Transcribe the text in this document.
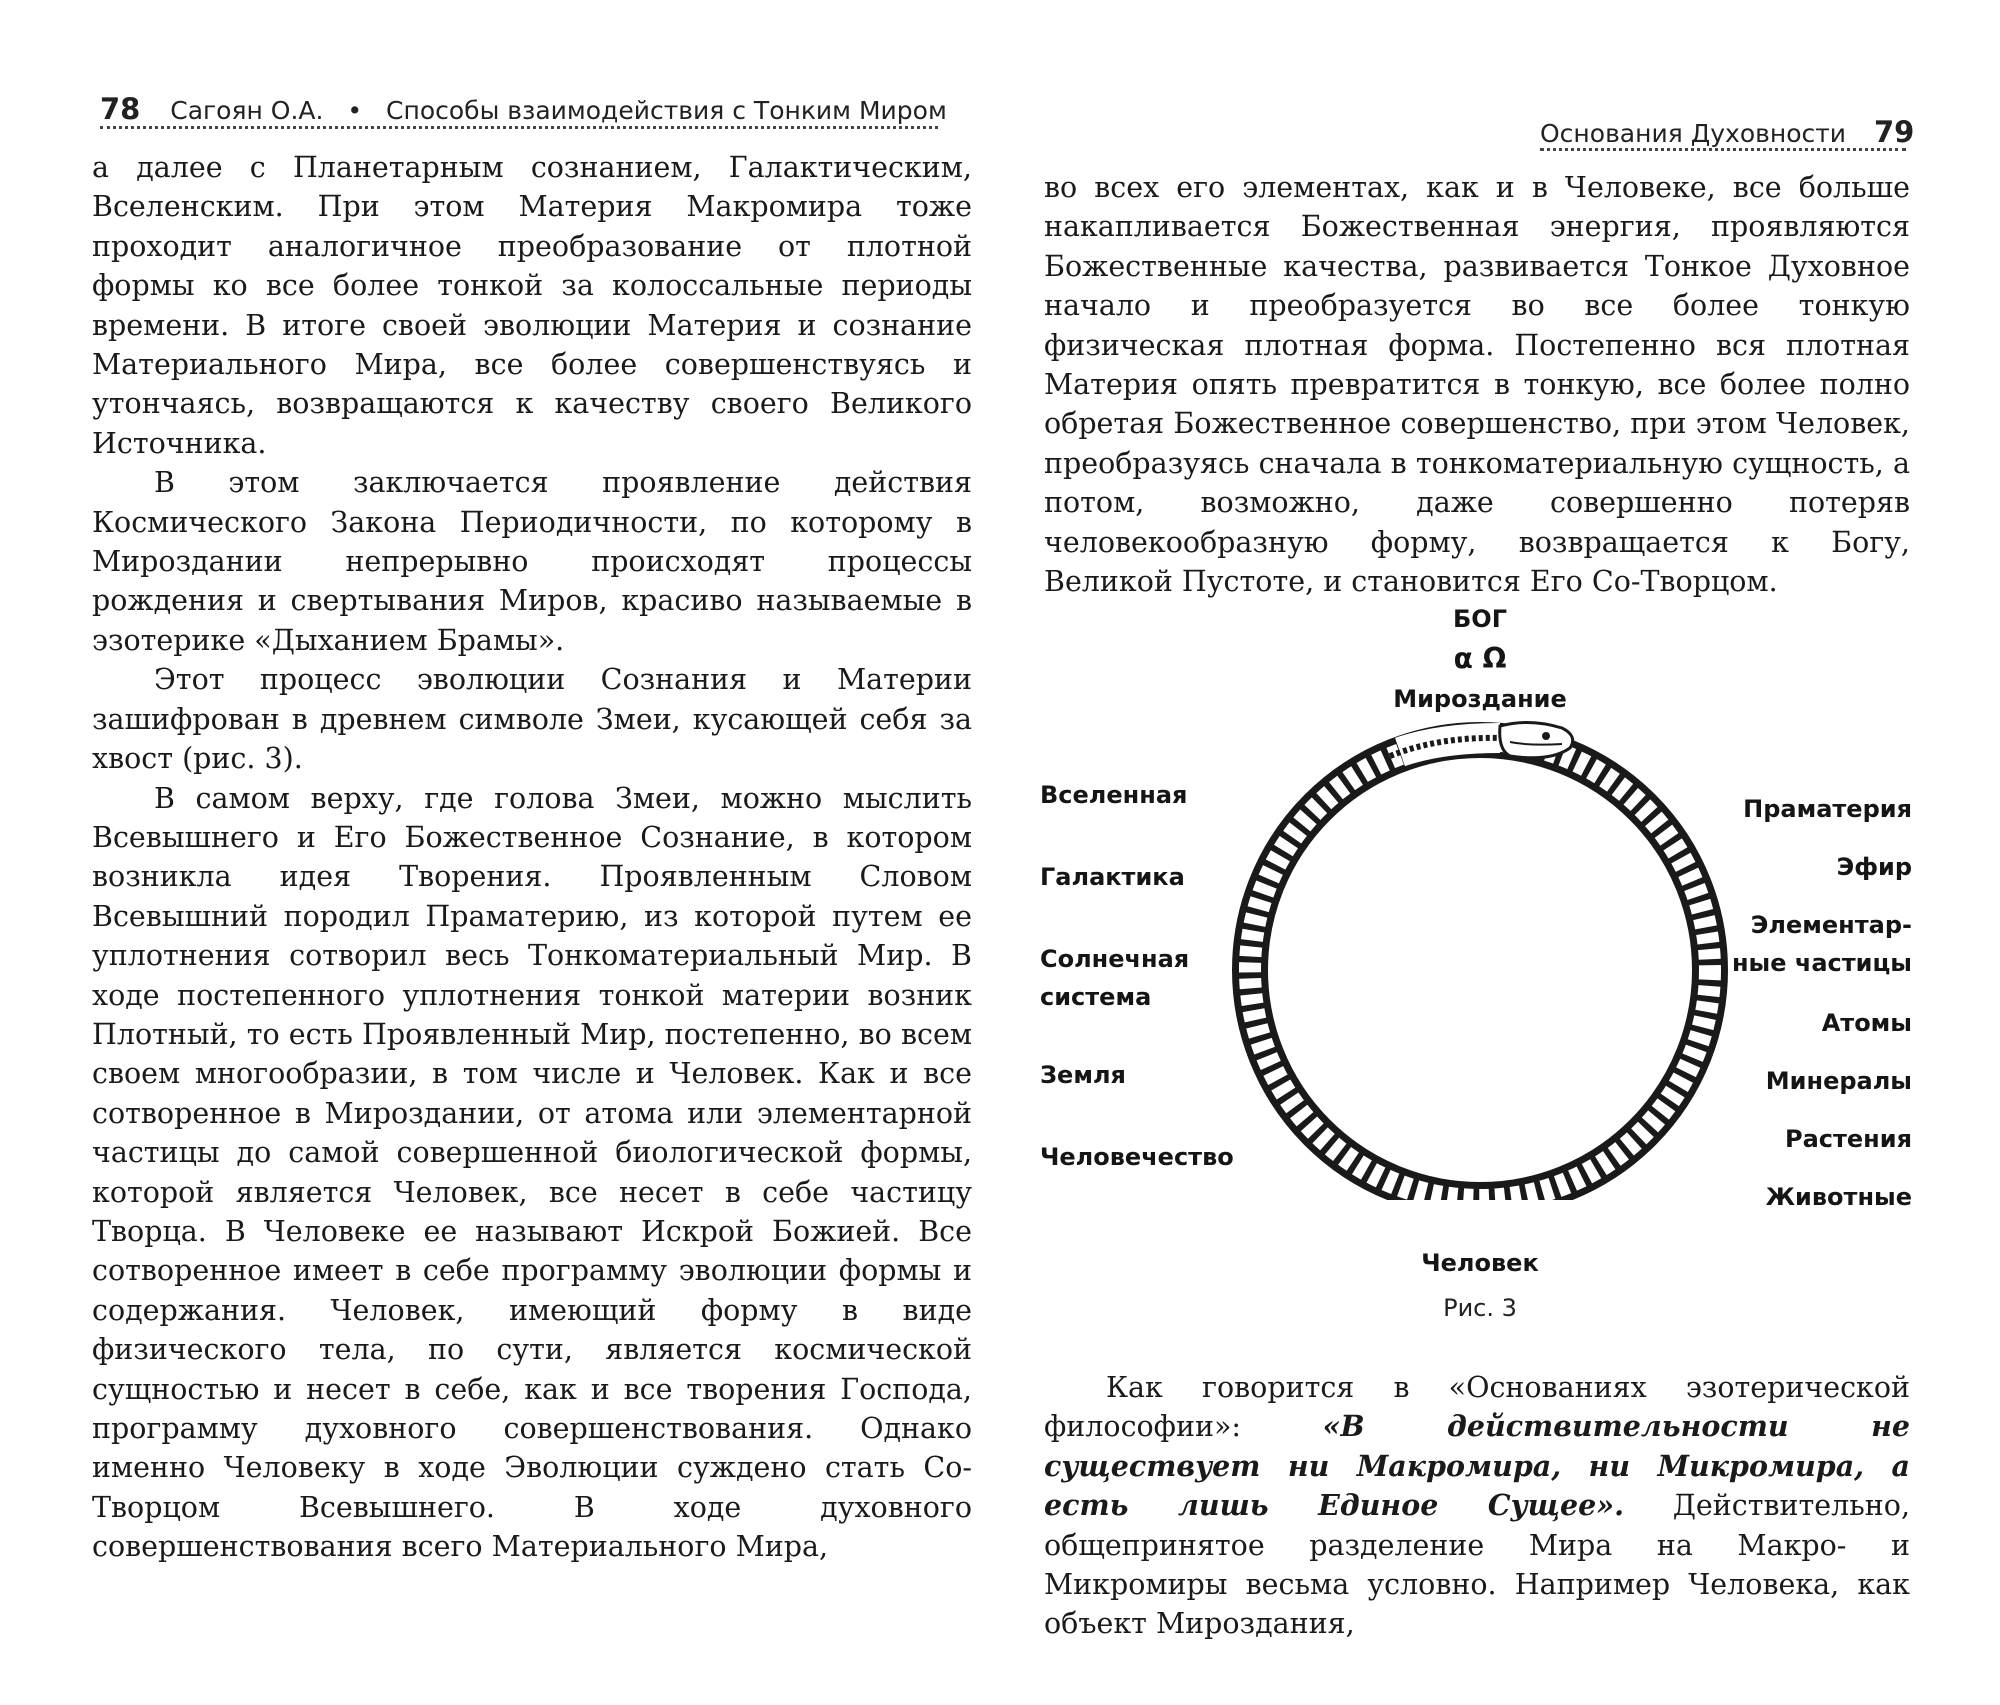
78 Сагоян О.А. • Способы взаимодействия с Тонким Миром

а далее с Планетарным сознанием, Галактическим, Вселенским. При этом Материя Макромира тоже проходит аналогичное преобразование от плотной формы ко все более тонкой за колоссальные периоды времени. В итоге своей эволюции Материя и сознание Материального Мира, все более совершенствуясь и утончаясь, возвращаются к качеству своего Великого Источника.

В этом заключается проявление действия Космического Закона Периодичности, по которому в Мироздании непрерывно происходят процессы рождения и свертывания Миров, красиво называемые в эзотерике «Дыханием Брамы».

Этот процесс эволюции Сознания и Материи зашифрован в древнем символе Змеи, кусающей себя за хвост (рис. 3).

В самом верху, где голова Змеи, можно мыслить Всевышнего и Его Божественное Сознание, в котором возникла идея Творения. Проявленным Словом Всевышний породил Праматерию, из которой путем ее уплотнения сотворил весь Тонкоматериальный Мир. В ходе постепенного уплотнения тонкой материи возник Плотный, то есть Проявленный Мир, постепенно, во всем своем многообразии, в том числе и Человек. Как и все сотворенное в Мироздании, от атома или элементарной частицы до самой совершенной биологической формы, которой является Человек, все несет в себе частицу Творца. В Человеке ее называют Искрой Божией. Все сотворенное имеет в себе программу эволюции формы и содержания. Человек, имеющий форму в виде физического тела, по сути, является космической сущностью и несет в себе, как и все творения Господа, программу духовного совершенствования. Однако именно Человеку в ходе Эволюции суждено стать Со-Творцом Всевышнего. В ходе духовного совершенствования всего Материального Мира,

Основания Духовности 79

во всех его элементах, как и в Человеке, все больше накапливается Божественная энергия, проявляются Божественные качества, развивается Тонкое Духовное начало и преобразуется во все более тонкую физическая плотная форма. Постепенно вся плотная Материя опять превратится в тонкую, все более полно обретая Божественное совершенство, при этом Человек, преобразуясь сначала в тонкоматериальную сущность, а потом, возможно, даже совершенно потеряв человекообразную форму, возвращается к Богу, Великой Пустоте, и становится Его Со-Творцом.

БОГ
α Ω
Мироздание
Вселенная
Галактика
Солнечная система
Земля
Человечество
Праматерия
Эфир
Элементар-ные частицы
Атомы
Минералы
Растения
Животные
Человек
Рис. 3

Как говорится в «Основаниях эзотерической философии»:	«В действительности не существует ни Макромира, ни Микромира, а есть лишь Единое Сущее». Действительно, общепринятое разделение Мира на Макро- и Микромиры весьма условно. Например Человека, как объект Мироздания,
